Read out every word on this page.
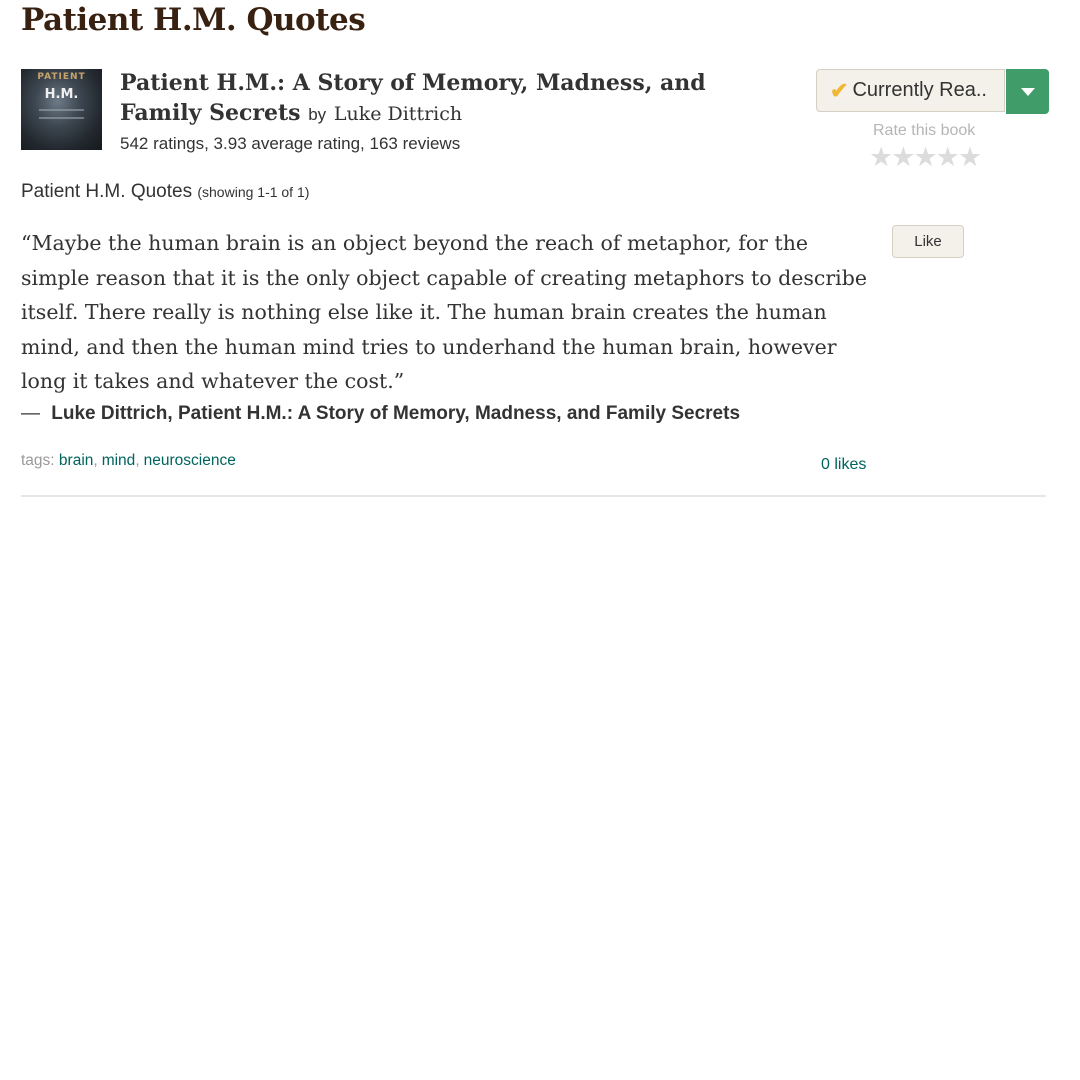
Patient H.M. Quotes
PATIENT
H.M.	Patient H.M.: A Story of Memory, Madness, and Family Secrets by Luke Dittrich
542 ratings, 3.93 average rating, 163 reviews
✔ Currently Rea..
Rate this book
★
★
★
★
★
Patient H.M. Quotes (showing 1-1 of 1)
“Maybe the human brain is an object beyond the reach of metaphor, for the simple reason that it is the only object capable of creating metaphors to describe itself. There really is nothing else like it. The human brain creates the human mind, and then the human mind tries to underhand the human brain, however long it takes and whatever the cost.”
Like
― Luke Dittrich, Patient H.M.: A Story of Memory, Madness, and Family Secrets
tags: brain, mind, neuroscience	0 likes
